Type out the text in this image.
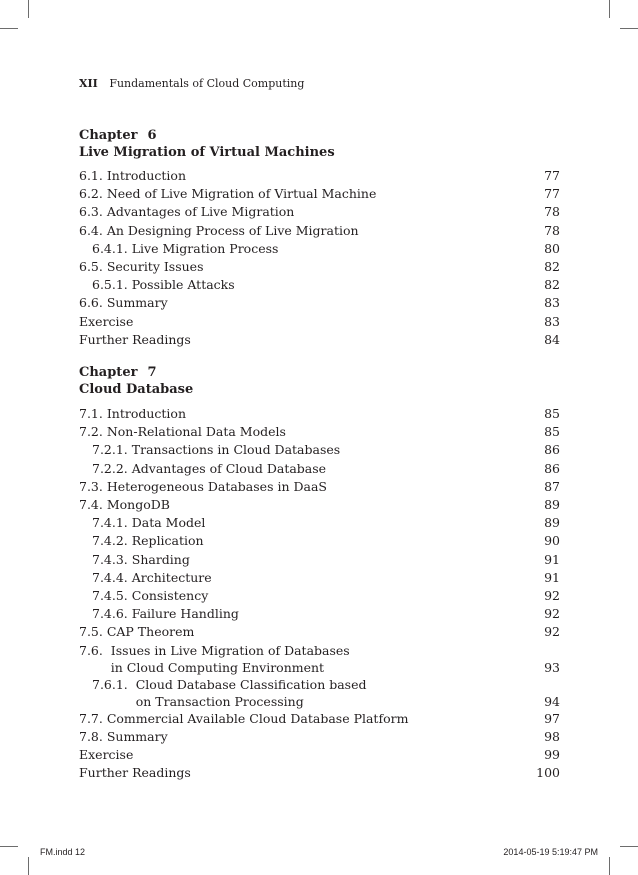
XII Fundamentals of Cloud Computing
Chapter 6
Live Migration of Virtual Machines
6.1. Introduction	77
6.2. Need of Live Migration of Virtual Machine	77
6.3. Advantages of Live Migration	78
6.4. An Designing Process of Live Migration	78
6.4.1. Live Migration Process	80
6.5. Security Issues	82
6.5.1. Possible Attacks	82
6.6. Summary	83
Exercise	83
Further Readings	84
Chapter 7
Cloud Database
7.1. Introduction	85
7.2. Non-Relational Data Models	85
7.2.1. Transactions in Cloud Databases	86
7.2.2. Advantages of Cloud Database	86
7.3. Heterogeneous Databases in DaaS	87
7.4. MongoDB	89
7.4.1. Data Model	89
7.4.2. Replication	90
7.4.3. Sharding	91
7.4.4. Architecture	91
7.4.5. Consistency	92
7.4.6. Failure Handling	92
7.5. CAP Theorem	92
7.6.  Issues in Live Migration of Databases
in Cloud Computing Environment	93
7.6.1.  Cloud Database Classification based
on Transaction Processing	94
7.7. Commercial Available Cloud Database Platform	97
7.8. Summary	98
Exercise	99
Further Readings	100
FM.indd 12	2014-05-19 5:19:47 PM
